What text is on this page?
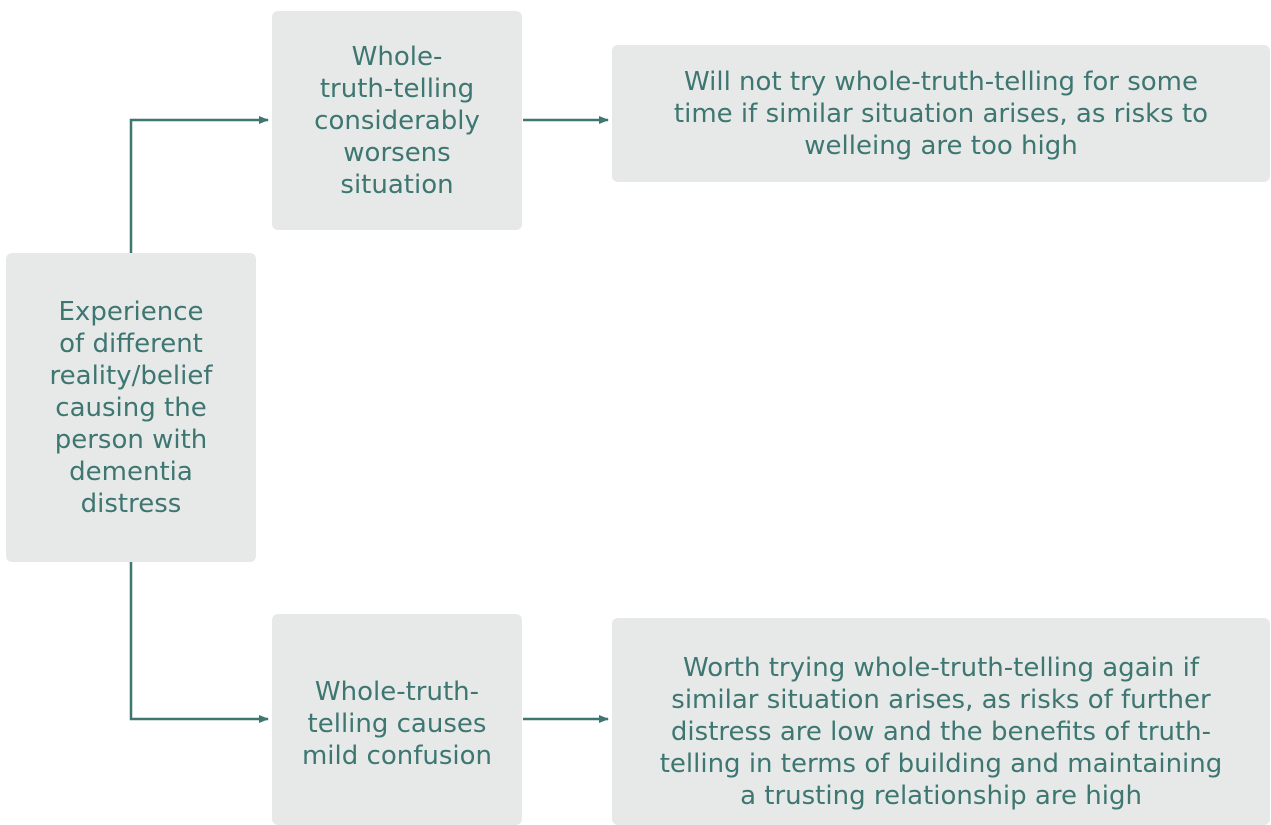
Experience
of different
reality/belief
causing the
person with
dementia
distress
Whole-
truth-telling
considerably
worsens
situation
Will not try whole-truth-telling for some
time if similar situation arises, as risks to
welleing are too high
Whole-truth-
telling causes
mild confusion
Worth trying whole-truth-telling again if
similar situation arises, as risks of further
distress are low and the benefits of truth-
telling in terms of building and maintaining
a trusting relationship are high
